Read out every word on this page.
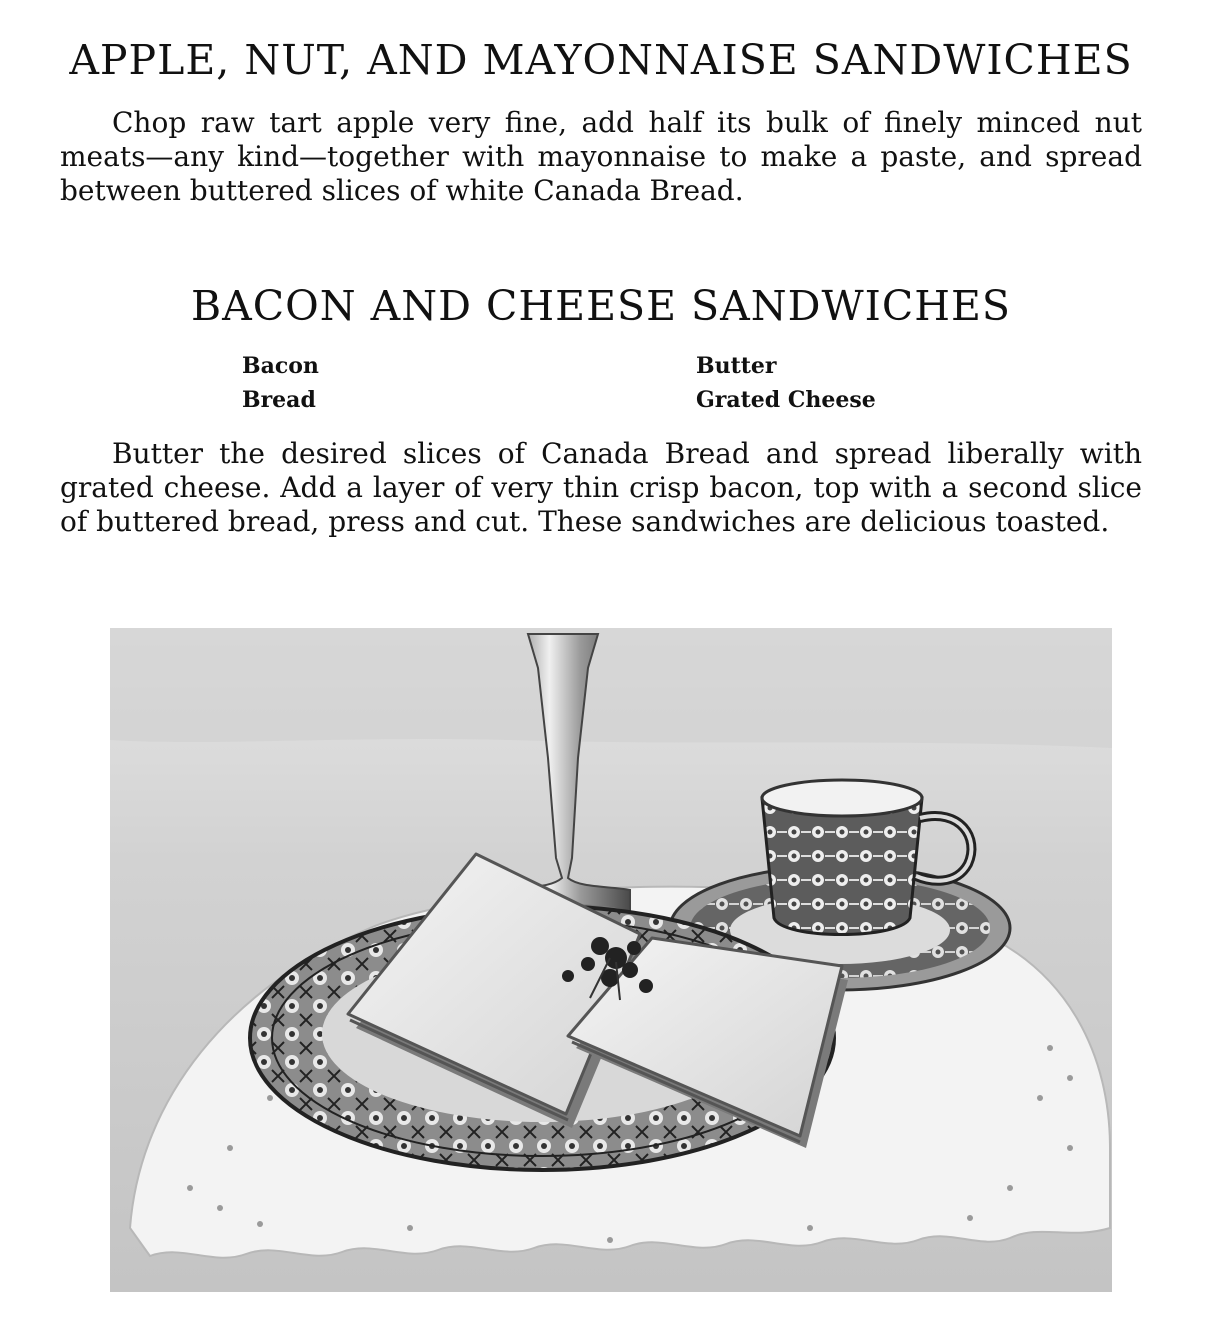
APPLE, NUT, AND MAYONNAISE SANDWICHES

Chop raw tart apple very fine, add half its bulk of finely minced nut meats—any kind—together with mayonnaise to make a paste, and spread between buttered slices of white Canada Bread.

BACON AND CHEESE SANDWICHES
Bacon
Bread
Butter
Grated Cheese

Butter the desired slices of Canada Bread and spread liberally with grated cheese. Add a layer of very thin crisp bacon, top with a second slice of buttered bread, press and cut. These sandwiches are delicious toasted.
